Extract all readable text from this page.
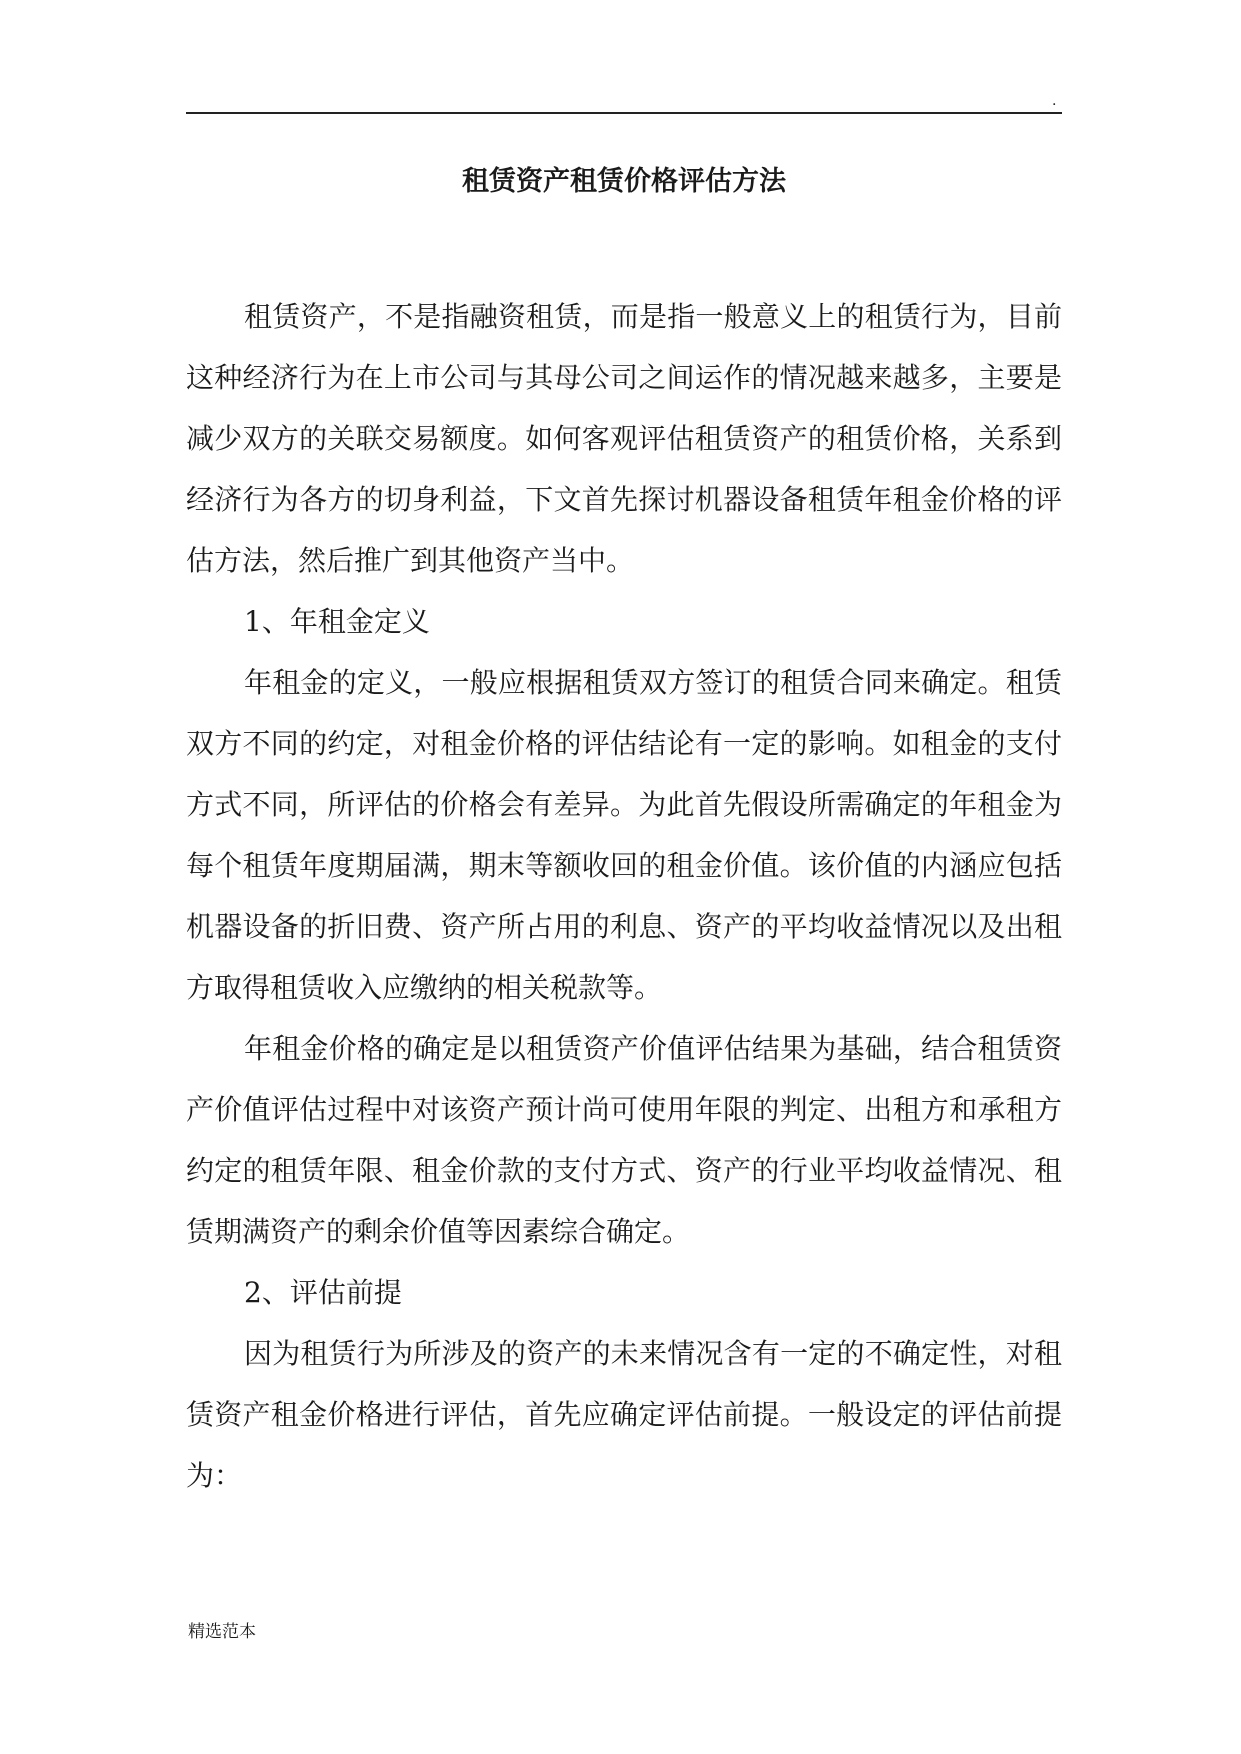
.
租赁资产租赁价格评估方法

租赁资产，不是指融资租赁，而是指一般意义上的租赁行为，目前这种经济行为在上市公司与其母公司之间运作的情况越来越多，主要是减少双方的关联交易额度。如何客观评估租赁资产的租赁价格，关系到经济行为各方的切身利益，下文首先探讨机器设备租赁年租金价格的评估方法，然后推广到其他资产当中。

1、年租金定义

年租金的定义，一般应根据租赁双方签订的租赁合同来确定。租赁双方不同的约定，对租金价格的评估结论有一定的影响。如租金的支付方式不同，所评估的价格会有差异。为此首先假设所需确定的年租金为每个租赁年度期届满，期末等额收回的租金价值。该价值的内涵应包括机器设备的折旧费、资产所占用的利息、资产的平均收益情况以及出租方取得租赁收入应缴纳的相关税款等。

年租金价格的确定是以租赁资产价值评估结果为基础，结合租赁资产价值评估过程中对该资产预计尚可使用年限的判定、出租方和承租方约定的租赁年限、租金价款的支付方式、资产的行业平均收益情况、租赁期满资产的剩余价值等因素综合确定。

2、评估前提

因为租赁行为所涉及的资产的未来情况含有一定的不确定性，对租赁资产租金价格进行评估，首先应确定评估前提。一般设定的评估前提为：

精选范本
